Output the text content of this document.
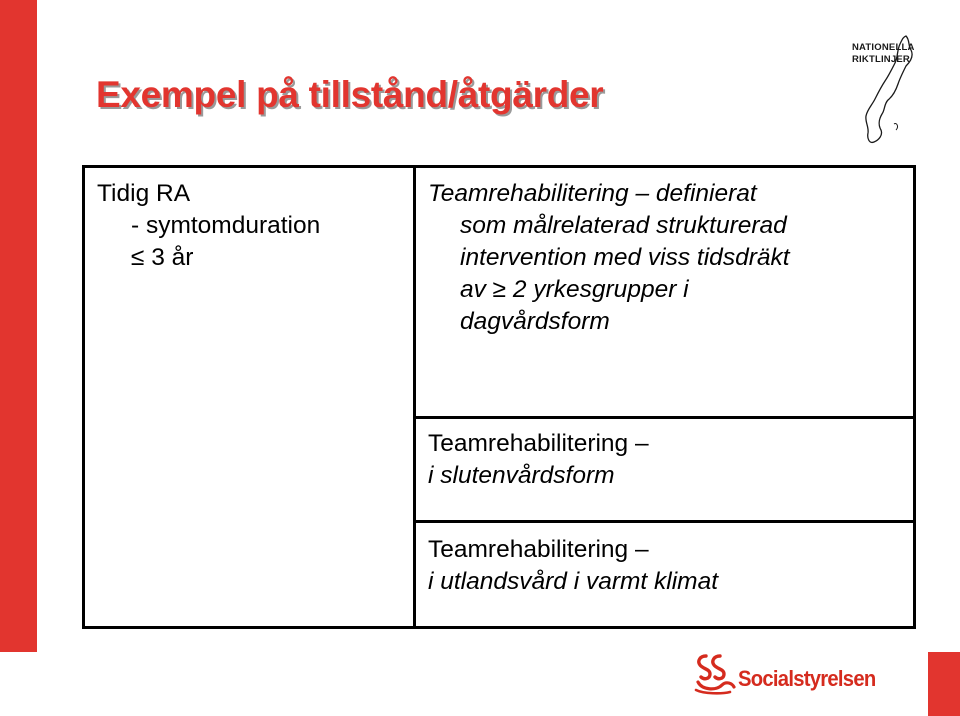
Exempel på tillstånd/åtgärder
NATIONELLA
RIKTLINJER
Tidig RA
- symtomduration
≤ 3 år
Teamrehabilitering – definierat
som målrelaterad strukturerad
intervention med viss tidsdräkt
av ≥ 2 yrkesgrupper i
dagvårdsform
Teamrehabilitering –
i slutenvårdsform
Teamrehabilitering –
i utlandsvård i varmt klimat
Socialstyrelsen
